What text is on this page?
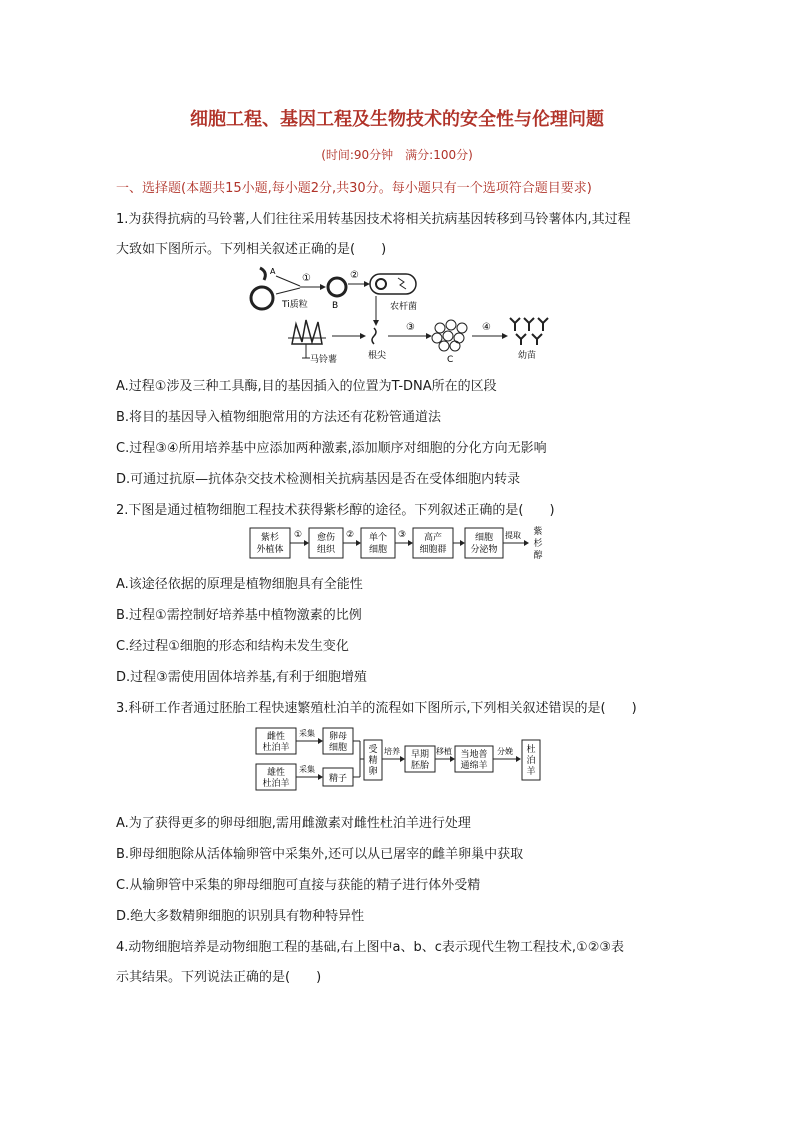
细胞工程、基因工程及生物技术的安全性与伦理问题
(时间:90分钟　满分:100分)
一、选择题(本题共15小题,每小题2分,共30分。每小题只有一个选项符合题目要求)
1.为获得抗病的马铃薯,人们往往采用转基因技术将相关抗病基因转移到马铃薯体内,其过程
大致如下图所示。下列相关叙述正确的是(　　)
A
Ti质粒
①
B
②
农杆菌
马铃薯	根尖
③
C
④
幼苗
A.过程①涉及三种工具酶,目的基因插入的位置为T-DNA所在的区段
B.将目的基因导入植物细胞常用的方法还有花粉管通道法
C.过程③④所用培养基中应添加两种激素,添加顺序对细胞的分化方向无影响
D.可通过抗原—抗体杂交技术检测相关抗病基因是否在受体细胞内转录
2.下图是通过植物细胞工程技术获得紫杉醇的途径。下列叙述正确的是(　　)
紫杉
外植体
① 愈伤
组织
② 单个
细胞
③ 高产
细胞群
细胞
分泌物
提取 紫
杉
醇
A.该途径依据的原理是植物细胞具有全能性
B.过程①需控制好培养基中植物激素的比例
C.经过程①细胞的形态和结构未发生变化
D.过程③需使用固体培养基,有利于细胞增殖
3.科研工作者通过胚胎工程快速繁殖杜泊羊的流程如下图所示,下列相关叙述错误的是(　　)
雌性
杜泊羊
采集 卵母
细胞
雄性
杜泊羊
采集
精子
受
精
卵
培养 早期
胚胎
移植 当地普
通绵羊
分娩 杜
泊
羊
A.为了获得更多的卵母细胞,需用雌激素对雌性杜泊羊进行处理
B.卵母细胞除从活体输卵管中采集外,还可以从已屠宰的雌羊卵巢中获取
C.从输卵管中采集的卵母细胞可直接与获能的精子进行体外受精
D.绝大多数精卵细胞的识别具有物种特异性
4.动物细胞培养是动物细胞工程的基础,右上图中a、b、c表示现代生物工程技术,①②③表
示其结果。下列说法正确的是(　　)
